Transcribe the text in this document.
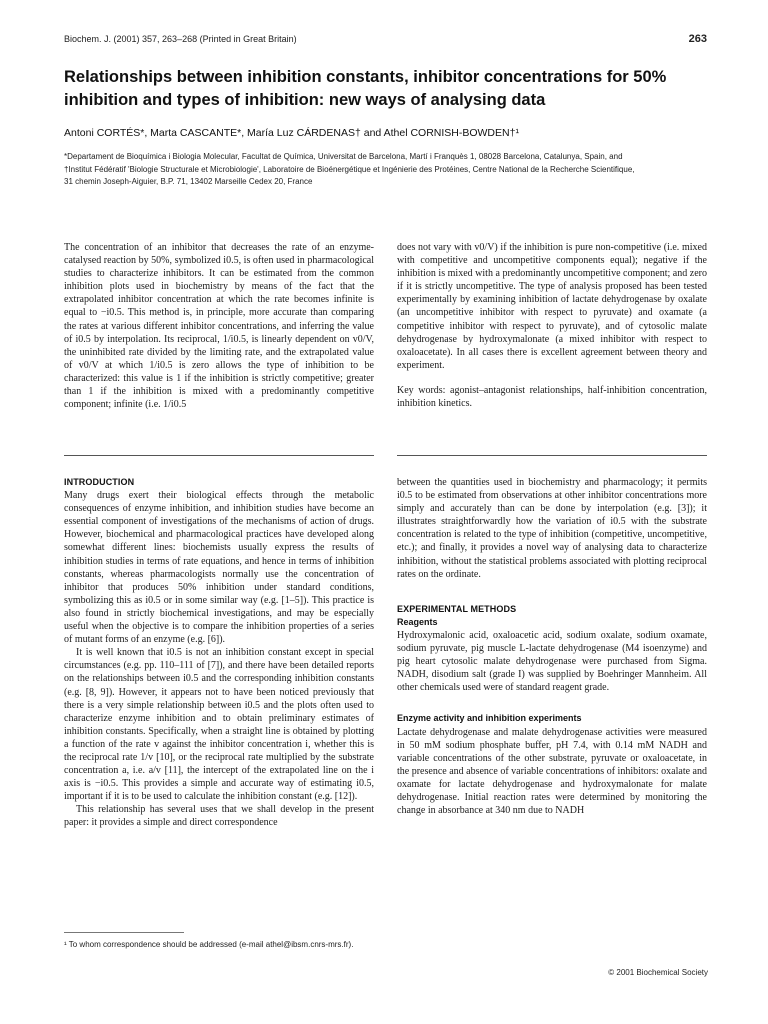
Biochem. J. (2001) 357, 263–268 (Printed in Great Britain)	263
Relationships between inhibition constants, inhibitor concentrations for 50% inhibition and types of inhibition: new ways of analysing data
Antoni CORTÉS*, Marta CASCANTE*, María Luz CÁRDENAS† and Athel CORNISH-BOWDEN†¹

*Departament de Bioquímica i Biologia Molecular, Facultat de Química, Universitat de Barcelona, Martí i Franquès 1, 08028 Barcelona, Catalunya, Spain, and

†Institut Fédératif 'Biologie Structurale et Microbiologie', Laboratoire de Bioénergétique et Ingénierie des Protéines, Centre National de la Recherche Scientifique,

31 chemin Joseph-Aiguier, B.P. 71, 13402 Marseille Cedex 20, France

The concentration of an inhibitor that decreases the rate of an enzyme-catalysed reaction by 50%, symbolized i0.5, is often used in pharmacological studies to characterize inhibitors. It can be estimated from the common inhibition plots used in biochemistry by means of the fact that the extrapolated inhibitor concentration at which the rate becomes infinite is equal to −i0.5. This method is, in principle, more accurate than comparing the rates at various different inhibitor concentrations, and inferring the value of i0.5 by interpolation. Its reciprocal, 1/i0.5, is linearly dependent on v0/V, the uninhibited rate divided by the limiting rate, and the extrapolated value of v0/V at which 1/i0.5 is zero allows the type of inhibition to be characterized: this value is 1 if the inhibition is strictly competitive; greater than 1 if the inhibition is mixed with a predominantly competitive component; infinite (i.e. 1/i0.5

does not vary with v0/V) if the inhibition is pure non-competitive (i.e. mixed with competitive and uncompetitive components equal); negative if the inhibition is mixed with a predominantly uncompetitive component; and zero if it is strictly uncompetitive. The type of analysis proposed has been tested experimentally by examining inhibition of lactate dehydrogenase by oxalate (an uncompetitive inhibitor with respect to pyruvate) and oxamate (a competitive inhibitor with respect to pyruvate), and of cytosolic malate dehydrogenase by hydroxymalonate (a mixed inhibitor with respect to oxaloacetate). In all cases there is excellent agreement between theory and experiment.

Key words: agonist–antagonist relationships, half-inhibition concentration, inhibition kinetics.

INTRODUCTION

Many drugs exert their biological effects through the metabolic consequences of enzyme inhibition, and inhibition studies have become an essential component of investigations of the mechanisms of action of drugs. However, biochemical and pharmacological practices have developed along somewhat different lines: biochemists usually express the results of inhibition studies in terms of rate equations, and hence in terms of inhibition constants, whereas pharmacologists normally use the concentration of inhibitor that produces 50% inhibition under standard conditions, symbolizing this as i0.5 or in some similar way (e.g. [1–5]). This practice is also found in strictly biochemical investigations, and may be especially useful when the objective is to compare the inhibition properties of a series of mutant forms of an enzyme (e.g. [6]).

It is well known that i0.5 is not an inhibition constant except in special circumstances (e.g. pp. 110–111 of [7]), and there have been detailed reports on the relationships between i0.5 and the corresponding inhibition constants (e.g. [8, 9]). However, it appears not to have been noticed previously that there is a very simple relationship between i0.5 and the plots often used to characterize enzyme inhibition and to obtain preliminary estimates of inhibition constants. Specifically, when a straight line is obtained by plotting a function of the rate v against the inhibitor concentration i, whether this is the reciprocal rate 1/v [10], or the reciprocal rate multiplied by the substrate concentration a, i.e. a/v [11], the intercept of the extrapolated line on the i axis is −i0.5. This provides a simple and accurate way of estimating i0.5, important if it is to be used to calculate the inhibition constant (e.g. [12]).

This relationship has several uses that we shall develop in the present paper: it provides a simple and direct correspondence

between the quantities used in biochemistry and pharmacology; it permits i0.5 to be estimated from observations at other inhibitor concentrations more simply and accurately than can be done by interpolation (e.g. [3]); it illustrates straightforwardly how the variation of i0.5 with the substrate concentration is related to the type of inhibition (competitive, uncompetitive, etc.); and finally, it provides a novel way of analysing data to characterize inhibition, without the statistical problems associated with plotting reciprocal rates on the ordinate.

EXPERIMENTAL METHODS

Reagents

Hydroxymalonic acid, oxaloacetic acid, sodium oxalate, sodium oxamate, sodium pyruvate, pig muscle L-lactate dehydrogenase (M4 isoenzyme) and pig heart cytosolic malate dehydrogenase were purchased from Sigma. NADH, disodium salt (grade I) was supplied by Boehringer Mannheim. All other chemicals used were of standard reagent grade.

Enzyme activity and inhibition experiments

Lactate dehydrogenase and malate dehydrogenase activities were measured in 50 mM sodium phosphate buffer, pH 7.4, with 0.14 mM NADH and variable concentrations of the other substrate, pyruvate or oxaloacetate, in the presence and absence of variable concentrations of inhibitors: oxalate and oxamate for lactate dehydrogenase and hydroxymalonate for malate dehydrogenase. Initial reaction rates were determined by monitoring the change in absorbance at 340 nm due to NADH

¹ To whom correspondence should be addressed (e-mail athel@ibsm.cnrs-mrs.fr).
© 2001 Biochemical Society
